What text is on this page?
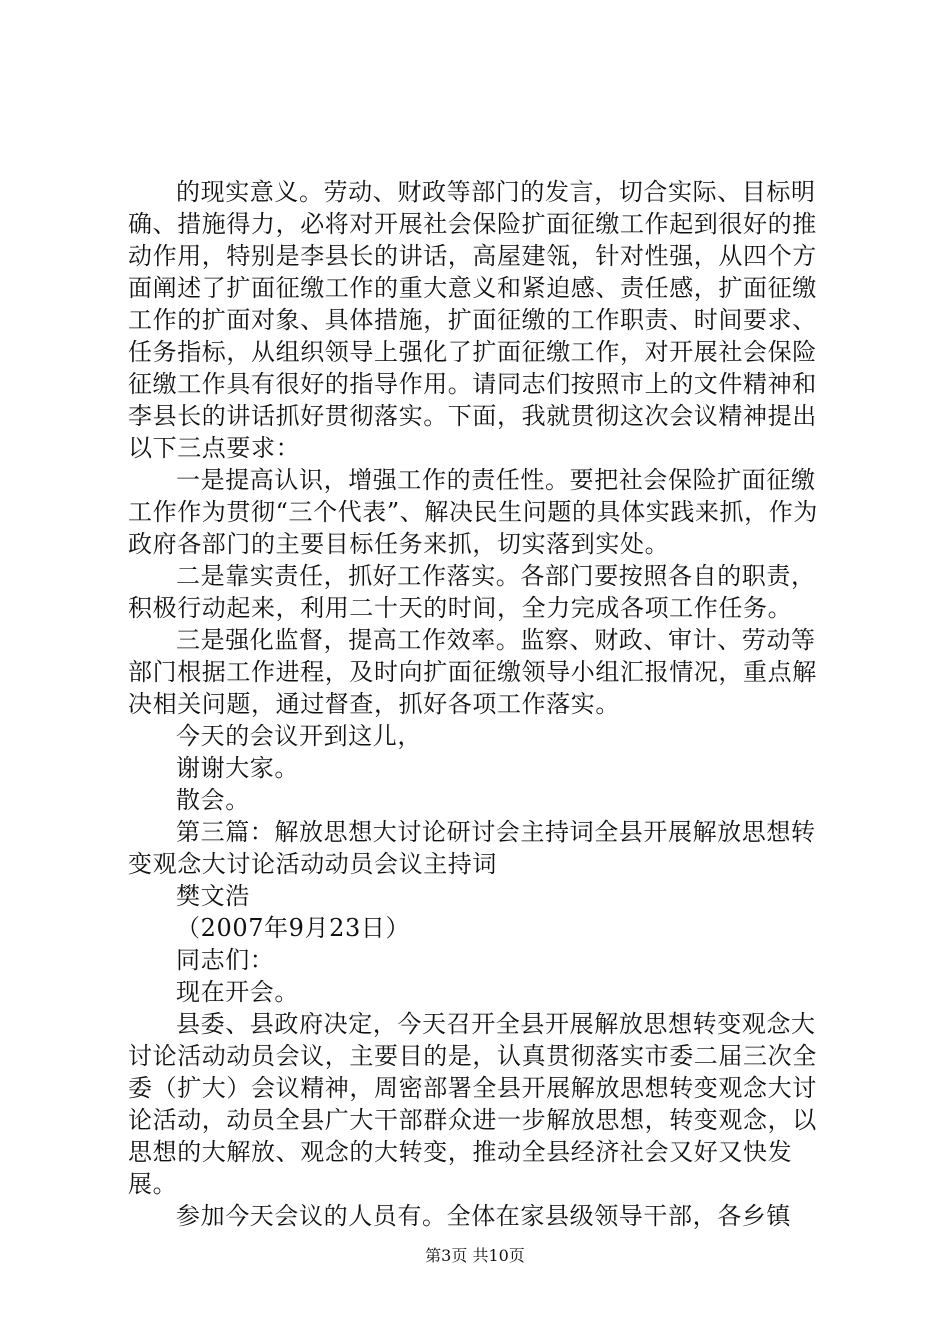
的现实意义。劳动、财政等部门的发言，切合实际、目标明确、措施得力，必将对开展社会保险扩面征缴工作起到很好的推动作用，特别是李县长的讲话，高屋建瓴，针对性强，从四个方面阐述了扩面征缴工作的重大意义和紧迫感、责任感，扩面征缴工作的扩面对象、具体措施，扩面征缴的工作职责、时间要求、任务指标，从组织领导上强化了扩面征缴工作，对开展社会保险征缴工作具有很好的指导作用。请同志们按照市上的文件精神和李县长的讲话抓好贯彻落实。下面，我就贯彻这次会议精神提出以下三点要求：

一是提高认识，增强工作的责任性。要把社会保险扩面征缴工作作为贯彻“三个代表”、解决民生问题的具体实践来抓，作为政府各部门的主要目标任务来抓，切实落到实处。

二是靠实责任，抓好工作落实。各部门要按照各自的职责，积极行动起来，利用二十天的时间，全力完成各项工作任务。

三是强化监督，提高工作效率。监察、财政、审计、劳动等部门根据工作进程，及时向扩面征缴领导小组汇报情况，重点解决相关问题，通过督查，抓好各项工作落实。

今天的会议开到这儿，

谢谢大家。

散会。

第三篇：解放思想大讨论研讨会主持词全县开展解放思想转变观念大讨论活动动员会议主持词

樊文浩

（2007年9月23日）

同志们：

现在开会。

县委、县政府决定，今天召开全县开展解放思想转变观念大讨论活动动员会议，主要目的是，认真贯彻落实市委二届三次全委（扩大）会议精神，周密部署全县开展解放思想转变观念大讨论活动，动员全县广大干部群众进一步解放思想，转变观念，以思想的大解放、观念的大转变，推动全县经济社会又好又快发展。

参加今天会议的人员有。全体在家县级领导干部，各乡镇

第3页 共10页
